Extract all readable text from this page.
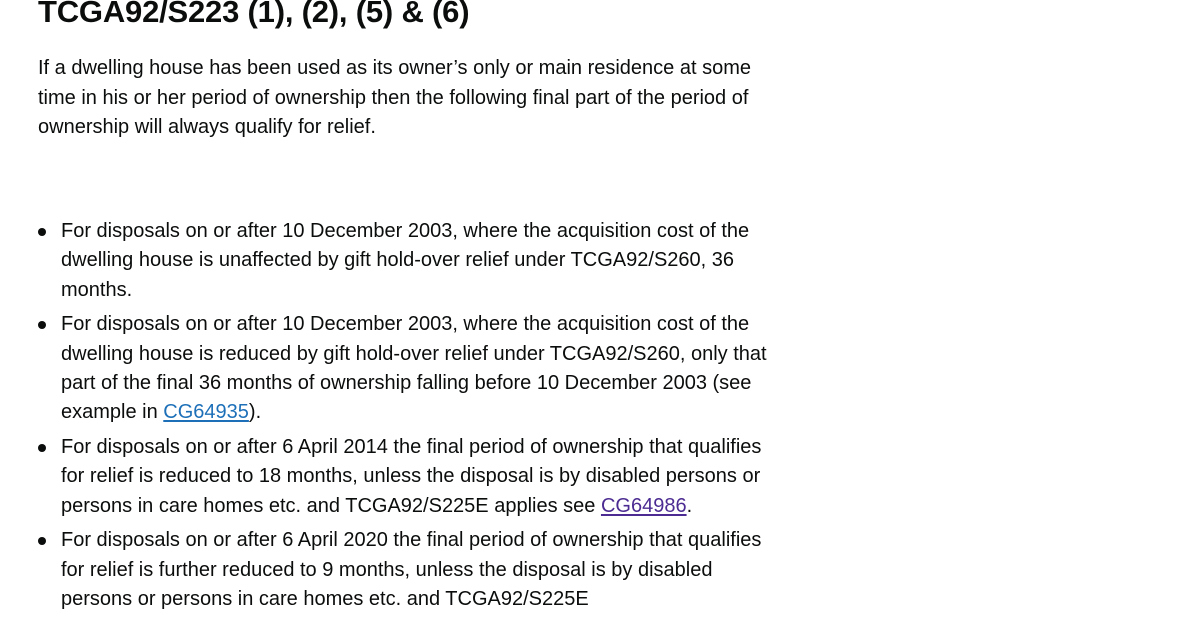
TCGA92/S223 (1), (2), (5) & (6)

If a dwelling house has been used as its owner’s only or main residence at some time in his or her period of ownership then the following final part of the period of ownership will always qualify for relief.

For disposals on or after 10 December 2003, where the acquisition cost of the dwelling house is unaffected by gift hold-over relief under TCGA92/S260, 36 months.
For disposals on or after 10 December 2003, where the acquisition cost of the dwelling house is reduced by gift hold-over relief under TCGA92/S260, only that part of the final 36 months of ownership falling before 10 December 2003 (see example in CG64935).
For disposals on or after 6 April 2014 the final period of ownership that qualifies for relief is reduced to 18 months, unless the disposal is by disabled persons or persons in care homes etc. and TCGA92/S225E applies see CG64986.
For disposals on or after 6 April 2020 the final period of ownership that qualifies for relief is further reduced to 9 months, unless the disposal is by disabled persons or persons in care homes etc. and TCGA92/S225E
